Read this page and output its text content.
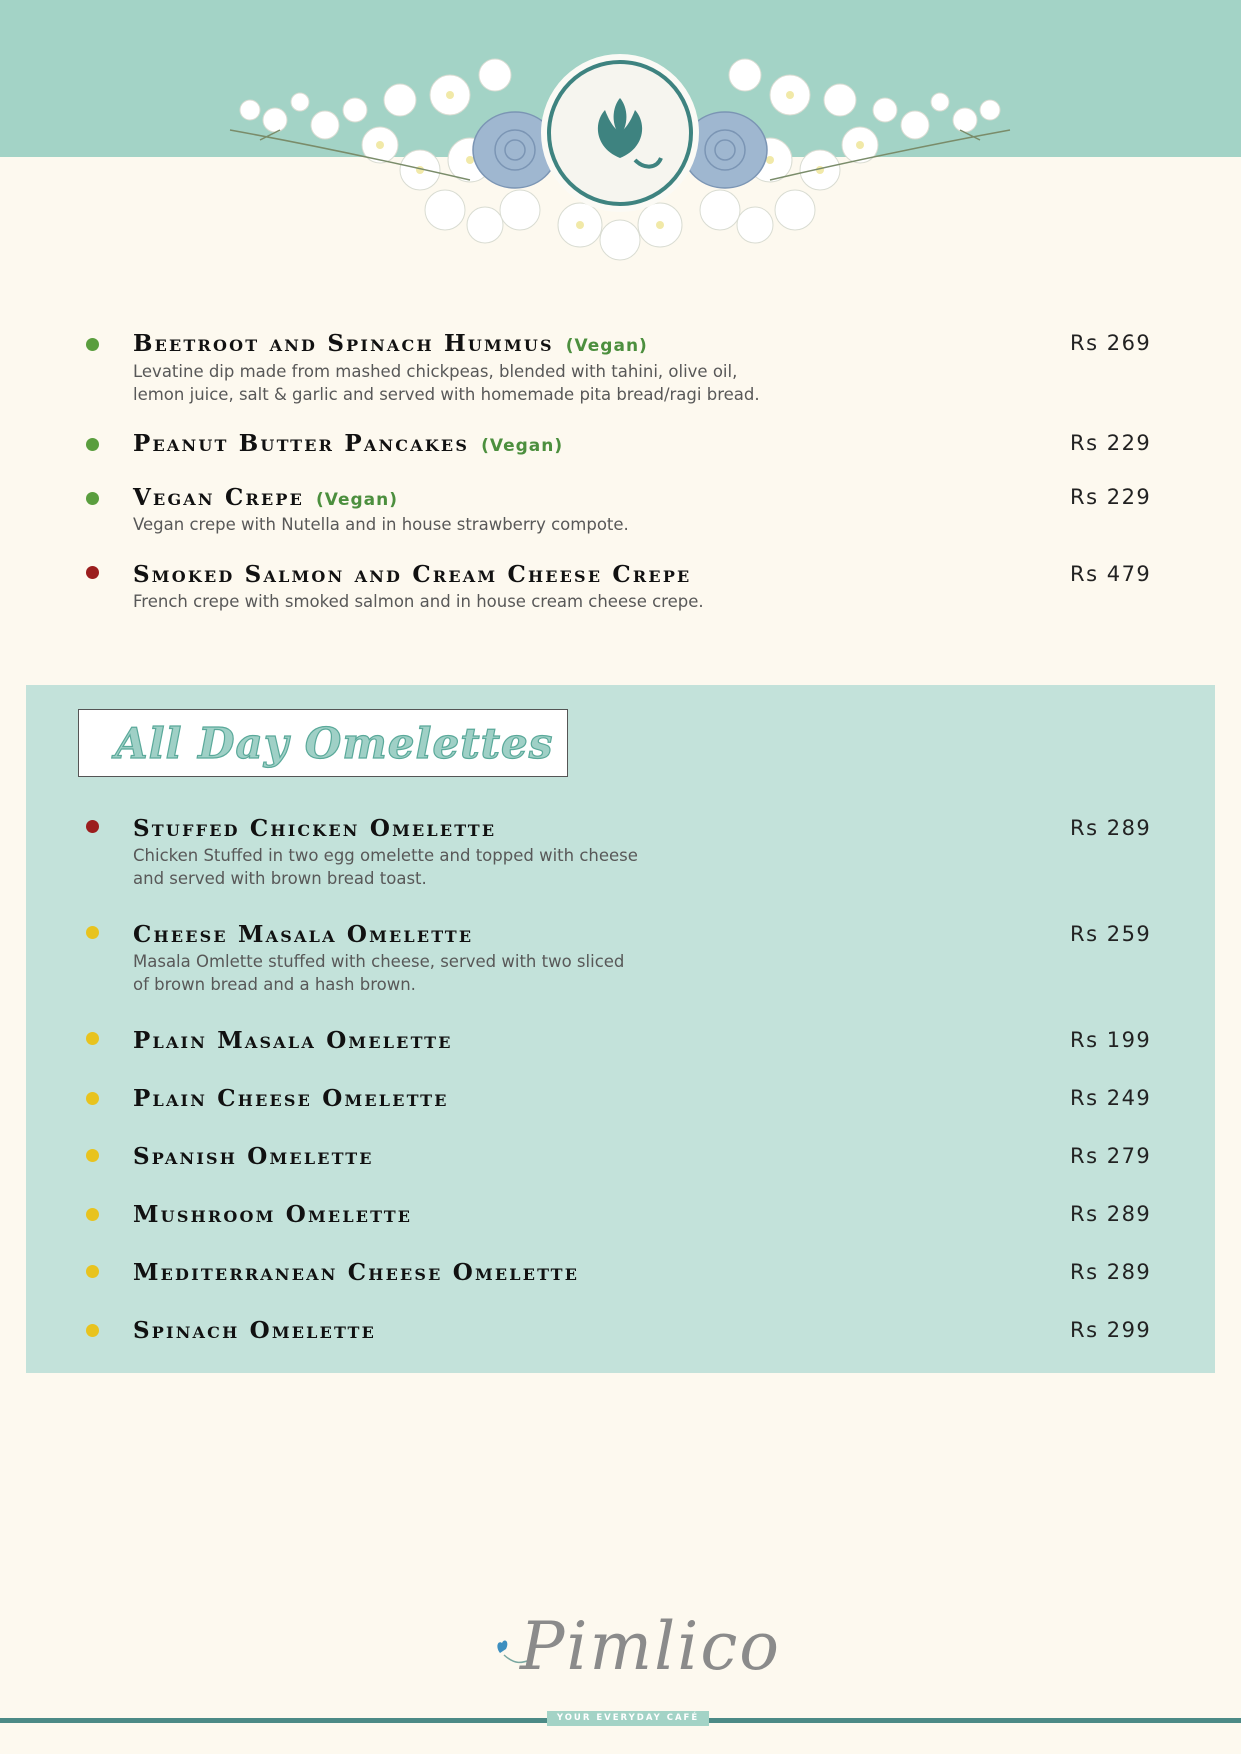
Beetroot and Spinach Hummus (Vegan)	Rs 269
Levatine dip made from mashed chickpeas, blended with tahini, olive oil,
lemon juice, salt & garlic and served with homemade pita bread/ragi bread.
Peanut Butter Pancakes (Vegan)	Rs 229
Vegan Crepe (Vegan)	Rs 229
Vegan crepe with Nutella and in house strawberry compote.
Smoked Salmon and Cream Cheese Crepe	Rs 479
French crepe with smoked salmon and in house cream cheese crepe.
All Day Omelettes
Stuffed Chicken Omelette	Rs 289
Chicken Stuffed in two egg omelette and topped with cheese
and served with brown bread toast.
Cheese Masala Omelette	Rs 259
Masala Omlette stuffed with cheese, served with two sliced
of brown bread and a hash brown.
Plain Masala Omelette	Rs 199
Plain Cheese Omelette	Rs 249
Spanish Omelette	Rs 279
Mushroom Omelette	Rs 289
Mediterranean Cheese Omelette	Rs 289
Spinach Omelette	Rs 299
Pimlico
YOUR EVERYDAY CAFÉ
